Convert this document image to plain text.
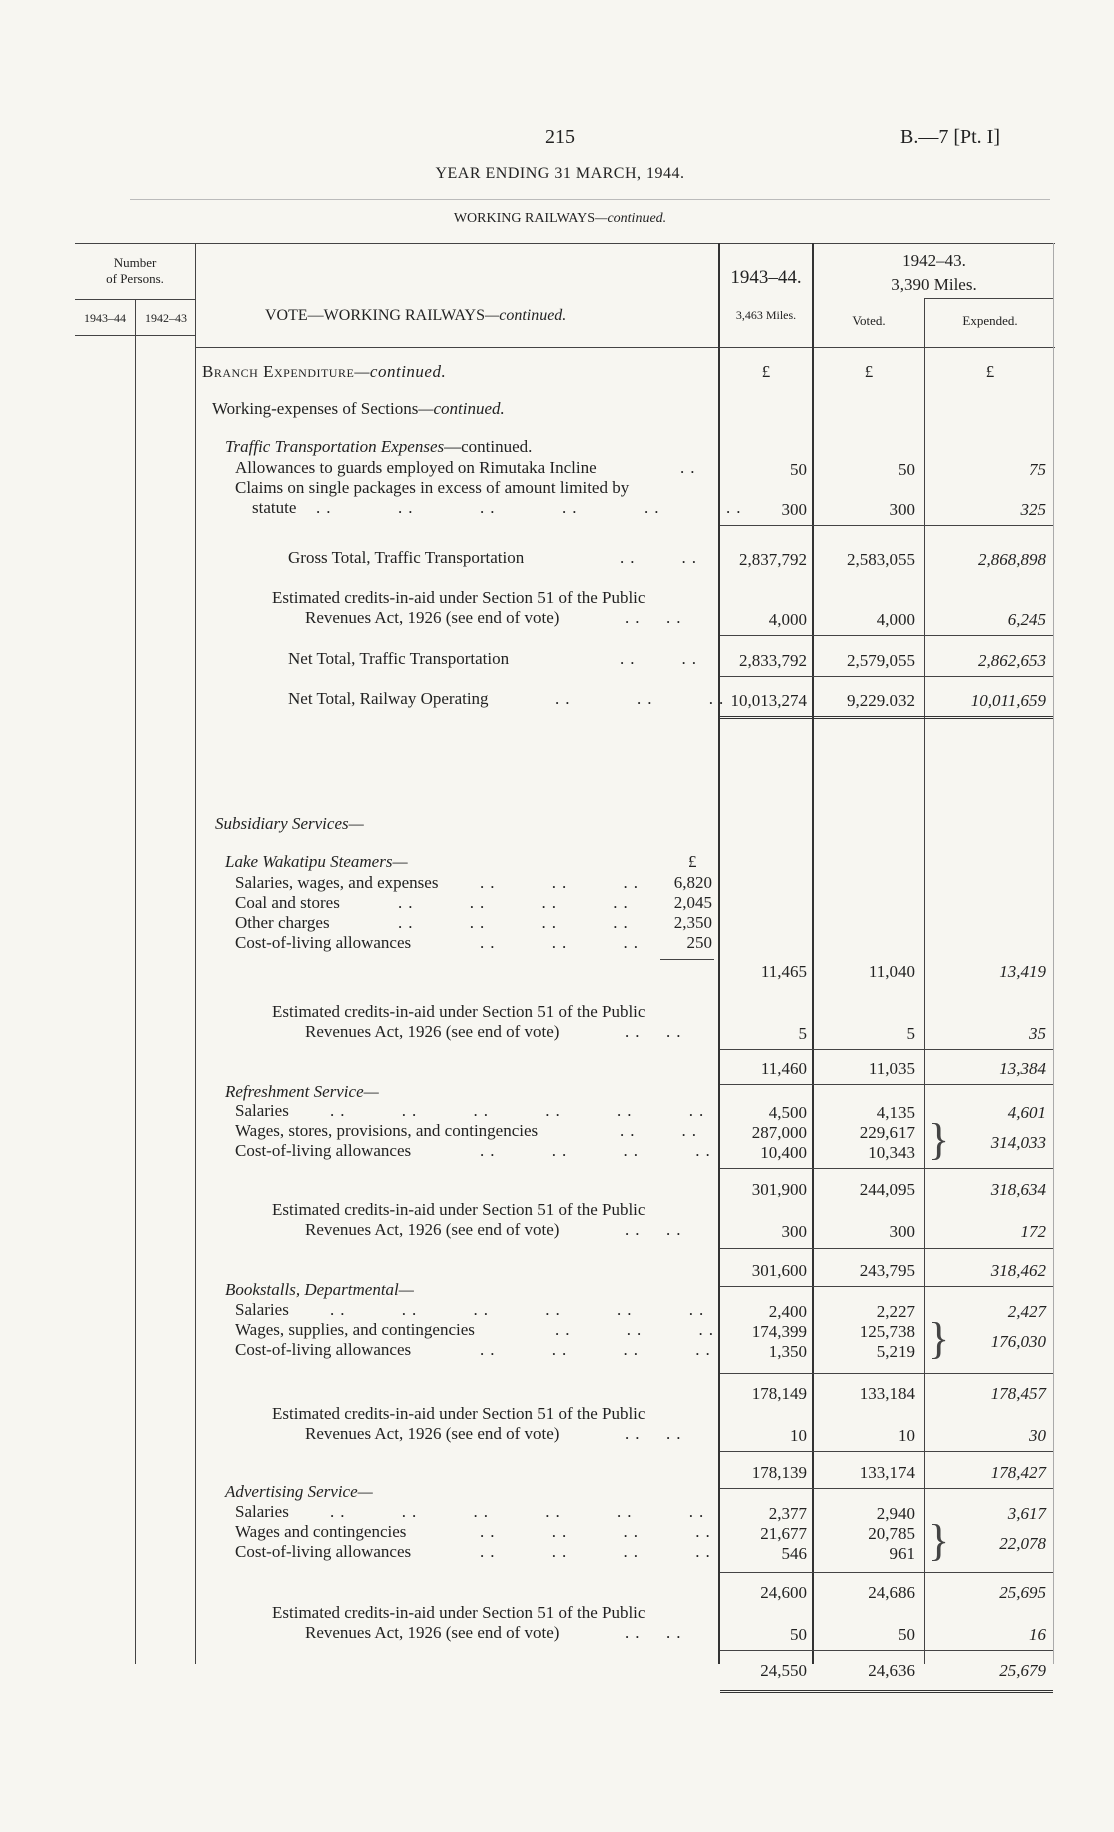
215	B.—7 [Pt. I]
YEAR ENDING 31 MARCH, 1944.
WORKING RAILWAYS—continued.
Number
of Persons.
1943–44	1942–43	VOTE—WORKING RAILWAYS—continued.
1943–44.
3,463 Miles.
1942–43.
3,390 Miles.
Voted.	Expended.
Branch Expenditure—continued.	£	£	£
Working-expenses of Sections—continued.
Traffic Transportation Expenses—continued.
Allowances to guards employed on Rimutaka Incline	..	50	50	75
Claims on single packages in excess of amount limited by
statute ..      ..      ..      ..      ..      ..	300	300	325
Gross Total, Traffic Transportation	..    ..	2,837,792	2,583,055	2,868,898
Estimated credits-in-aid under Section 51 of the Public
Revenues Act, 1926 (see end of vote)	..  ..	4,000	4,000	6,245
Net Total, Traffic Transportation	..    ..	2,833,792	2,579,055	2,862,653
Net Total, Railway Operating	..      ..     .. 10,013,274	9,229.032	10,011,659
Subsidiary Services—
Lake Wakatipu Steamers—	£
Salaries, wages, and expenses ..     ..     ..	6,820
Coal and stores	..     ..     ..     ..	2,045
Other charges	..     ..     ..     ..	2,350
Cost-of-living allowances	..     ..     ..	250
11,465	11,040	13,419
Estimated credits-in-aid under Section 51 of the Public
Revenues Act, 1926 (see end of vote)	..  ..	5	5	35
11,460	11,035	13,384
Refreshment Service—
Salaries ..     ..     ..     ..     ..     ..	4,500	4,135	4,601
Wages, stores, provisions, and contingencies	..    ..	287,000	229,617
Cost-of-living allowances	..     ..     ..     ..	10,400	10,343 }	314,033
301,900	244,095	318,634
Estimated credits-in-aid under Section 51 of the Public
Revenues Act, 1926 (see end of vote)	..  ..	300	300	172
301,600	243,795	318,462
Bookstalls, Departmental—
Salaries ..     ..     ..     ..     ..     ..	2,400	2,227	2,427
Wages, supplies, and contingencies	..     ..     ..	174,399	125,738
Cost-of-living allowances	..     ..     ..     ..	1,350	5,219 }	176,030
178,149	133,184	178,457
Estimated credits-in-aid under Section 51 of the Public
Revenues Act, 1926 (see end of vote)	..  ..	10	10	30
178,139	133,174	178,427
Advertising Service—
Salaries ..     ..     ..     ..     ..     ..	2,377	2,940	3,617
Wages and contingencies	..     ..     ..     ..	21,677	20,785
Cost-of-living allowances	..     ..     ..     ..	546	961 }	22,078
24,600	24,686	25,695
Estimated credits-in-aid under Section 51 of the Public
Revenues Act, 1926 (see end of vote)	..  ..	50	50	16
24,550	24,636	25,679
